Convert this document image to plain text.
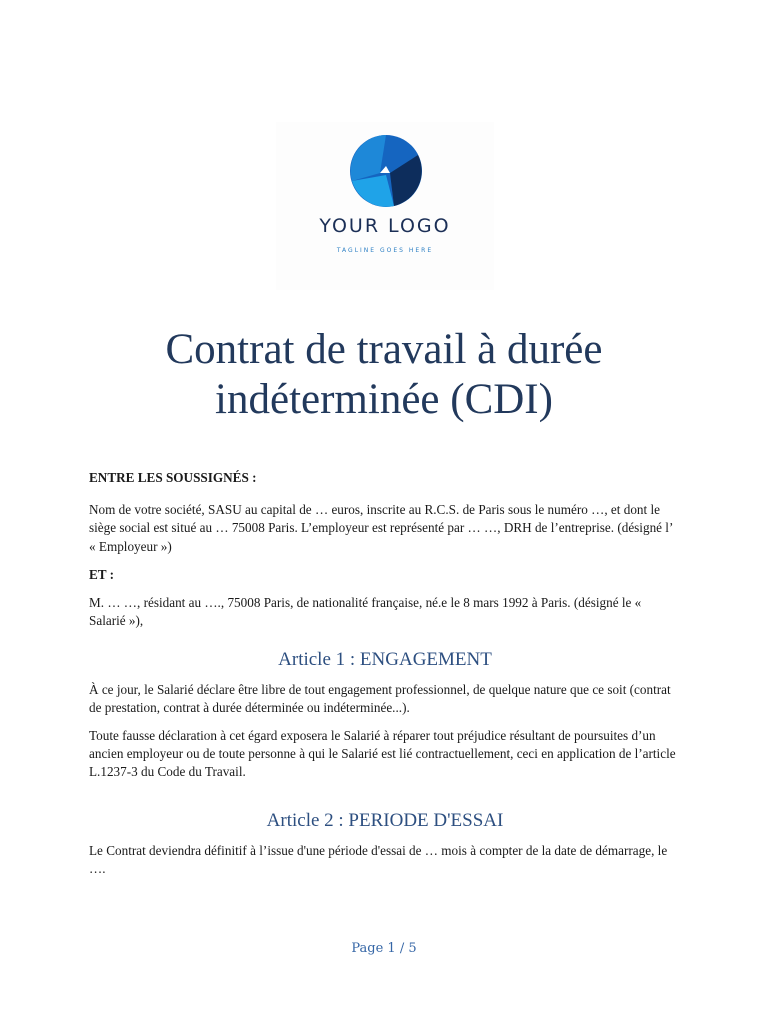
YOUR LOGO
TAGLINE GOES HERE
Contrat de travail à durée
indéterminée (CDI)

ENTRE LES SOUSSIGNÉS :

Nom de votre société, SASU au capital de … euros, inscrite au R.C.S. de Paris sous le numéro …, et dont le siège social est situé au … 75008 Paris. L’employeur est représenté par … …, DRH de l’entreprise. (désigné l’ « Employeur »)

ET :

M. … …, résidant au …., 75008 Paris, de nationalité française, né.e le 8 mars 1992 à Paris. (désigné le « Salarié »),

Article 1 : ENGAGEMENT

À ce jour, le Salarié déclare être libre de tout engagement professionnel, de quelque nature que ce soit (contrat de prestation, contrat à durée déterminée ou indéterminée...).

Toute fausse déclaration à cet égard exposera le Salarié à réparer tout préjudice résultant de poursuites d’un ancien employeur ou de toute personne à qui le Salarié est lié contractuellement, ceci en application de l’article L.1237-3 du Code du Travail.

Article 2 : PERIODE D'ESSAI

Le Contrat deviendra définitif à l’issue d'une période d'essai de … mois à compter de la date de démarrage, le ….

Page 1 / 5
